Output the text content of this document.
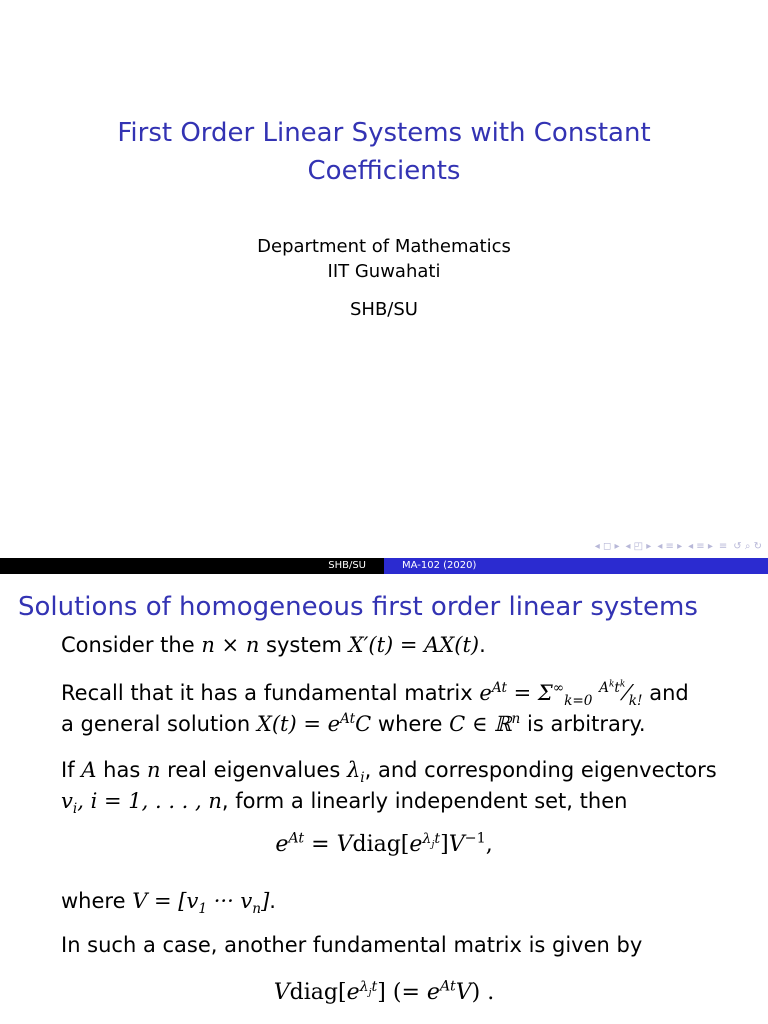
First Order Linear Systems with Constant
Coefficients
Department of Mathematics
IIT Guwahati
SHB/SU
◂ ◻ ▸ ◂ ◰ ▸ ◂ ≡ ▸ ◂ ≡ ▸ ≡ ↺ ⌕ ↻
SHB/SU	MA-102 (2020)
Solutions of homogeneous first order linear systems
Consider the n × n system X′(t) = AX(t).
Recall that it has a fundamental matrix $e^{At} = \Sigma^\infty_{k=0}$ $^{A^kt^k}⁄_{k!}$ and
a general solution $X(t) = e^{At}C$ where C ∈ ℝ$^n$ is arbitrary.
If A has n real eigenvalues $\lambda_i$, and corresponding eigenvectors
$v_i$, i = 1, . . . , n, form a linearly independent set, then
$e^{At}$ = $Vdiag[e^{\lambda_jt}]V^{-1}$,
where $V = [v_1$ ··· $v_n$].
In such a case, another fundamental matrix is given by
$Vdiag[e^{\lambda_jt}]$ (= $e^{At}V$) .
